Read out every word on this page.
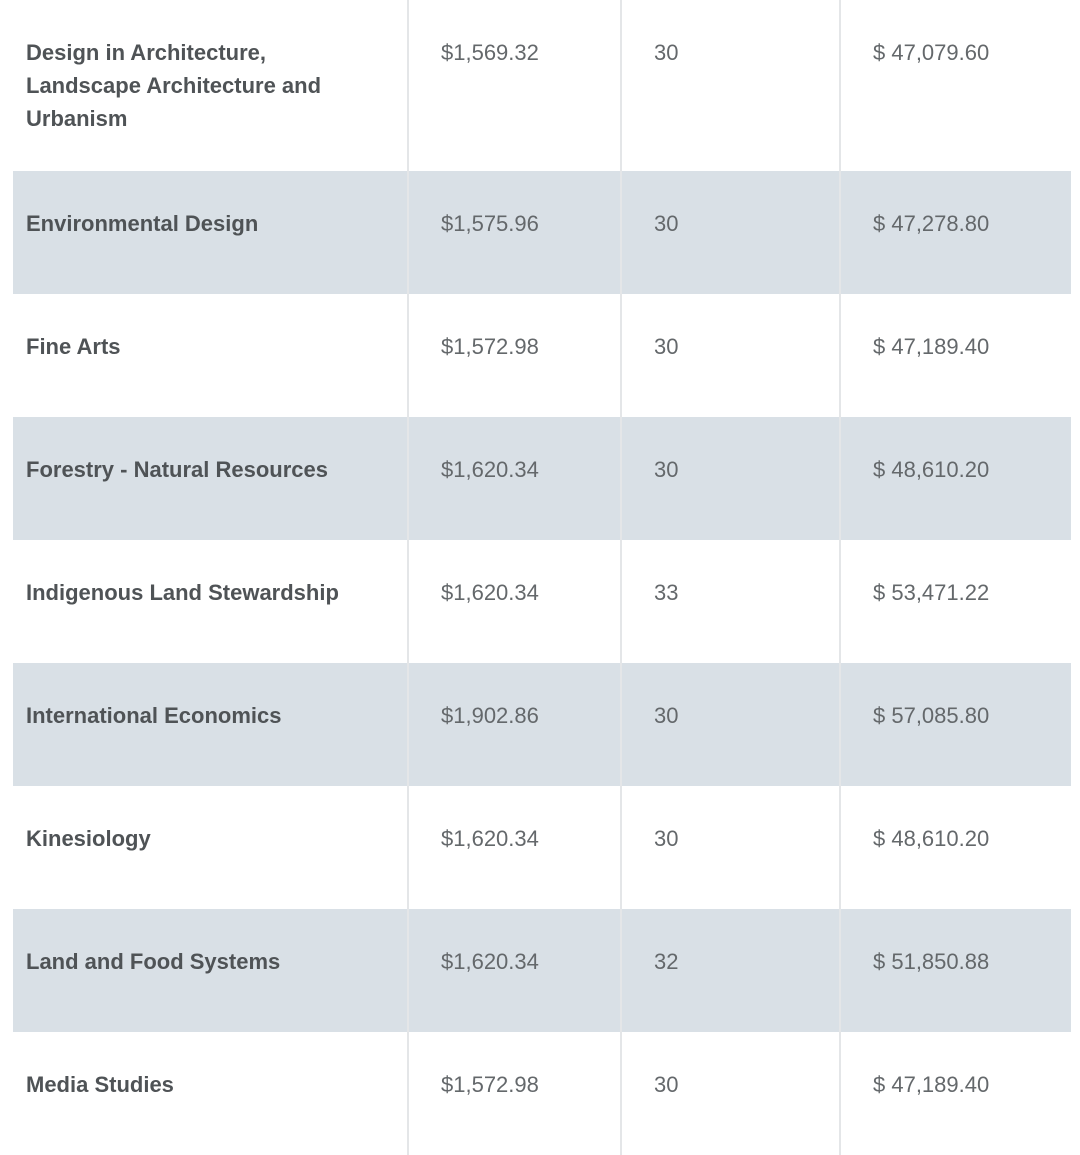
Design in Architecture, Landscape Architecture and Urbanism	$1,569.32	30	$ 47,079.60

Environmental Design	$1,575.96	30	$ 47,278.80

Fine Arts	$1,572.98	30	$ 47,189.40

Forestry - Natural Resources	$1,620.34	30	$ 48,610.20

Indigenous Land Stewardship	$1,620.34	33	$ 53,471.22

International Economics	$1,902.86	30	$ 57,085.80

Kinesiology	$1,620.34	30	$ 48,610.20

Land and Food Systems	$1,620.34	32	$ 51,850.88

Media Studies	$1,572.98	30	$ 47,189.40
